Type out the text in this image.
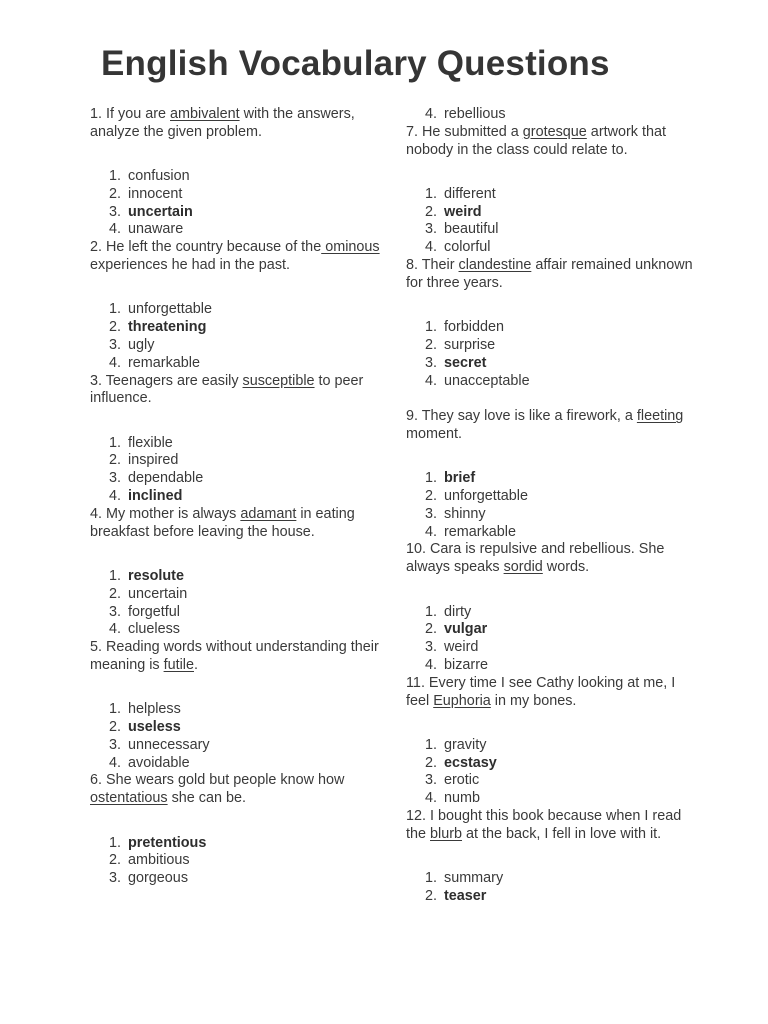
English Vocabulary Questions

1. If you are ambivalent with the answers, analyze the given problem.

1. confusion
2. innocent
3. uncertain
4. unaware

2. He left the country because of the ominous experiences he had in the past.

1. unforgettable
2. threatening
3. ugly
4. remarkable

3. Teenagers are easily susceptible to peer influence.

1. flexible
2. inspired
3. dependable
4. inclined

4. My mother is always adamant in eating breakfast before leaving the house.

1. resolute
2. uncertain
3. forgetful
4. clueless

5. Reading words without understanding their meaning is futile.

1. helpless
2. useless
3. unnecessary
4. avoidable

6. She wears gold but people know how ostentatious she can be.

1. pretentious
2. ambitious
3. gorgeous
4. rebellious

7. He submitted a grotesque artwork that nobody in the class could relate to.

1. different
2. weird
3. beautiful
4. colorful

8. Their clandestine affair remained unknown for three years.

1. forbidden
2. surprise
3. secret
4. unacceptable

9. They say love is like a firework, a fleeting moment.

1. brief
2. unforgettable
3. shinny
4. remarkable

10. Cara is repulsive and rebellious. She always speaks sordid words.

1. dirty
2. vulgar
3. weird
4. bizarre

11. Every time I see Cathy looking at me, I feel Euphoria in my bones.

1. gravity
2. ecstasy
3. erotic
4. numb

12. I bought this book because when I read the blurb at the back, I fell in love with it.

1. summary
2. teaser
